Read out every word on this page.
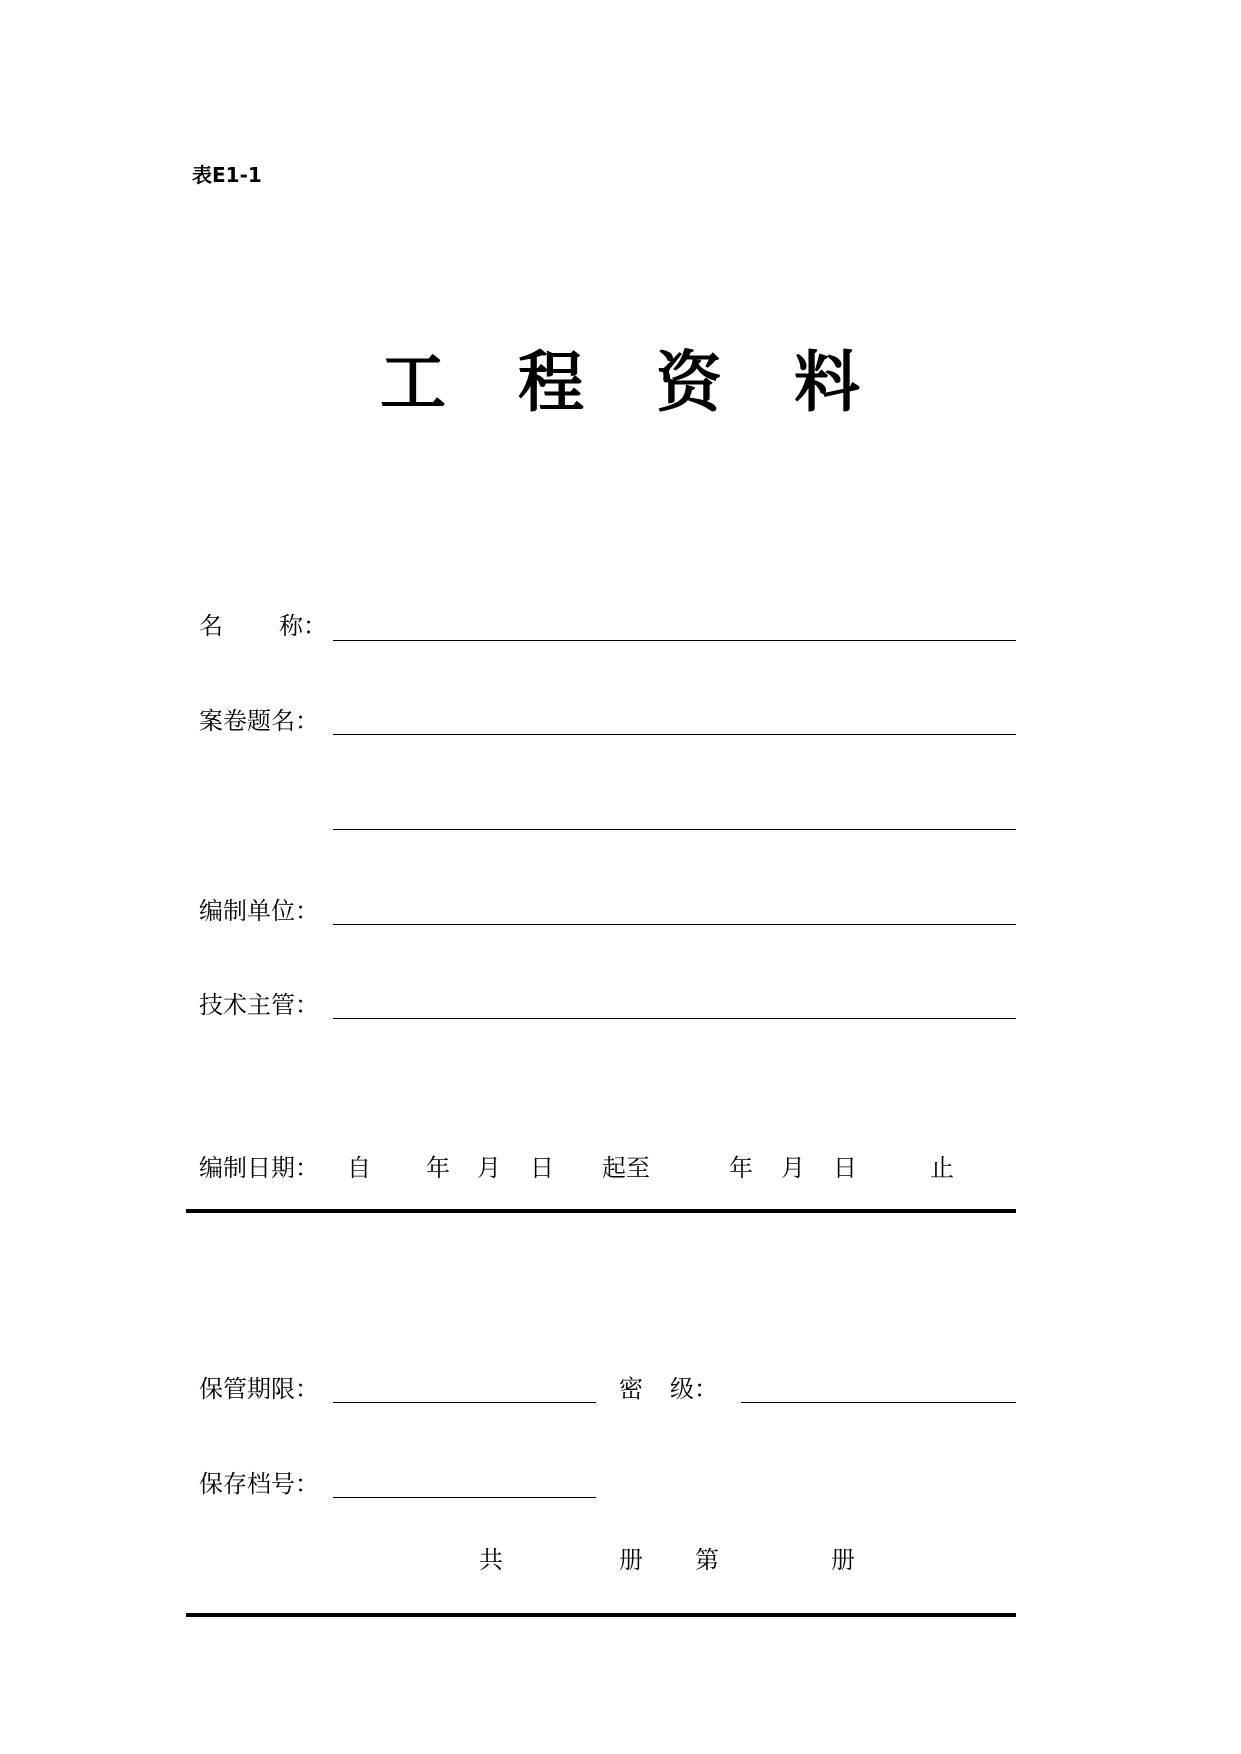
表E1-1
工 程 资 料
名 称：
案卷题名：
编制单位：
技术主管：
编制日期： 自 年 月 日 起至	年 月 日	止
保管期限：	密 级：
保存档号：
共	册 第	册
